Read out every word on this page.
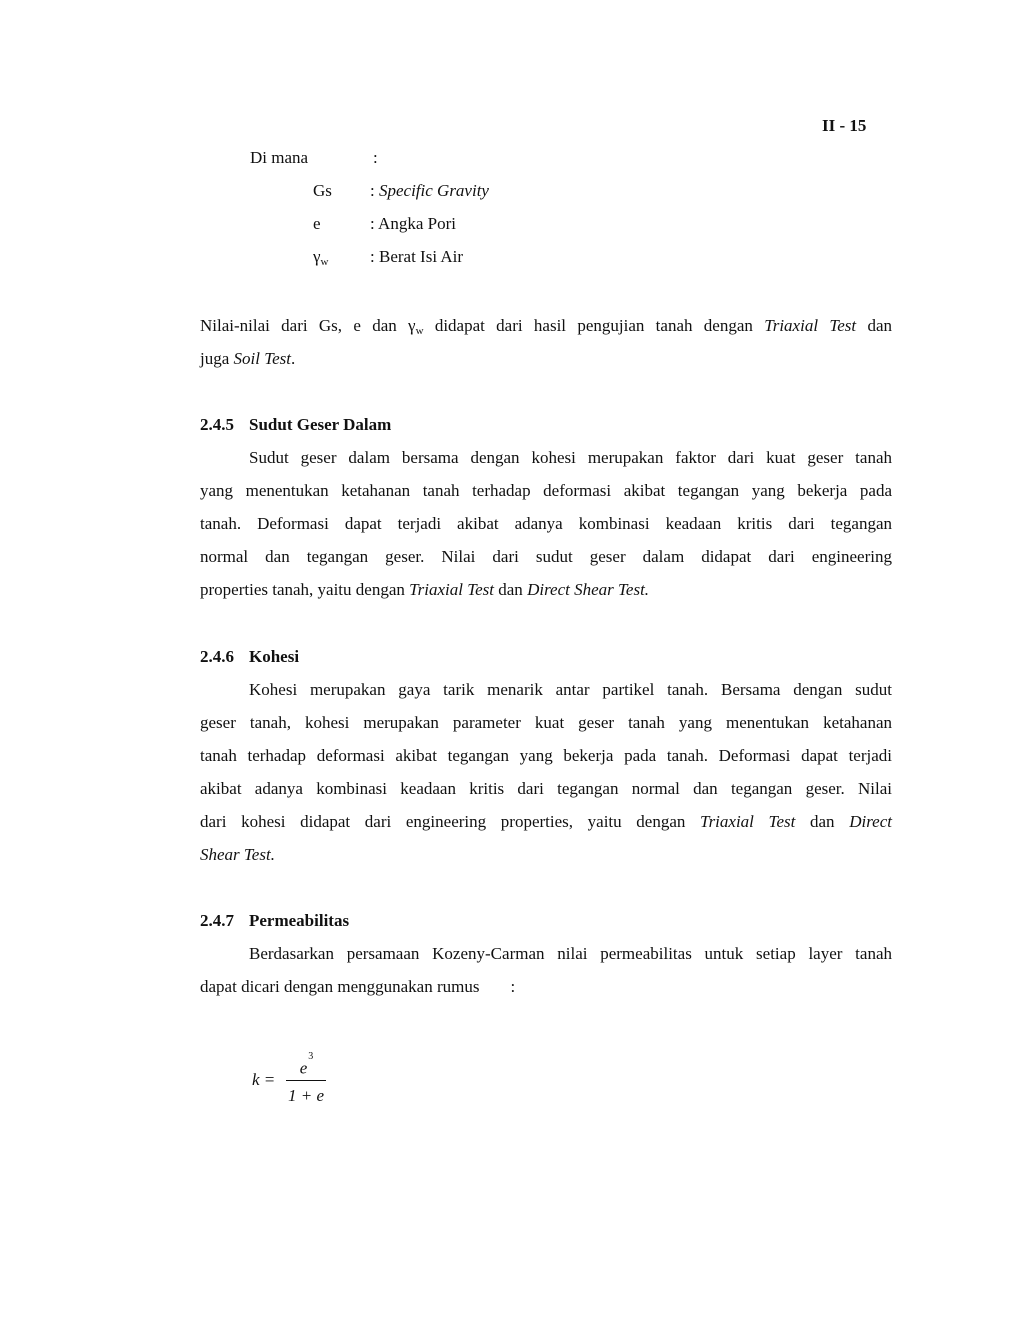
II - 15
Di mana	:
Gs : Specific Gravity
e	: Angka Pori
$\gamma_w$ : Berat Isi Air
Nilai-nilai dari Gs, e dan $\gamma_w$ didapat dari hasil pengujian tanah dengan Triaxial Test dan
juga Soil Test.
2.4.5 Sudut Geser Dalam
Sudut geser dalam bersama dengan kohesi merupakan faktor dari kuat geser tanah
yang menentukan ketahanan tanah terhadap deformasi akibat tegangan yang bekerja pada
tanah. Deformasi dapat terjadi akibat adanya kombinasi keadaan kritis dari tegangan
normal dan tegangan geser. Nilai dari sudut geser dalam didapat dari engineering
properties tanah, yaitu dengan Triaxial Test dan Direct Shear Test.
2.4.6 Kohesi
Kohesi merupakan gaya tarik menarik antar partikel tanah. Bersama dengan sudut
geser tanah, kohesi merupakan parameter kuat geser tanah yang menentukan ketahanan
tanah terhadap deformasi akibat tegangan yang bekerja pada tanah. Deformasi dapat terjadi
akibat adanya kombinasi keadaan kritis dari tegangan normal dan tegangan geser. Nilai
dari kohesi didapat dari engineering properties, yaitu dengan Triaxial Test dan Direct
Shear Test.
2.4.7 Permeabilitas
Berdasarkan persamaan Kozeny-Carman nilai permeabilitas untuk setiap layer tanah
dapat dicari dengan menggunakan rumus :
k =
$e^3$
1 + e
